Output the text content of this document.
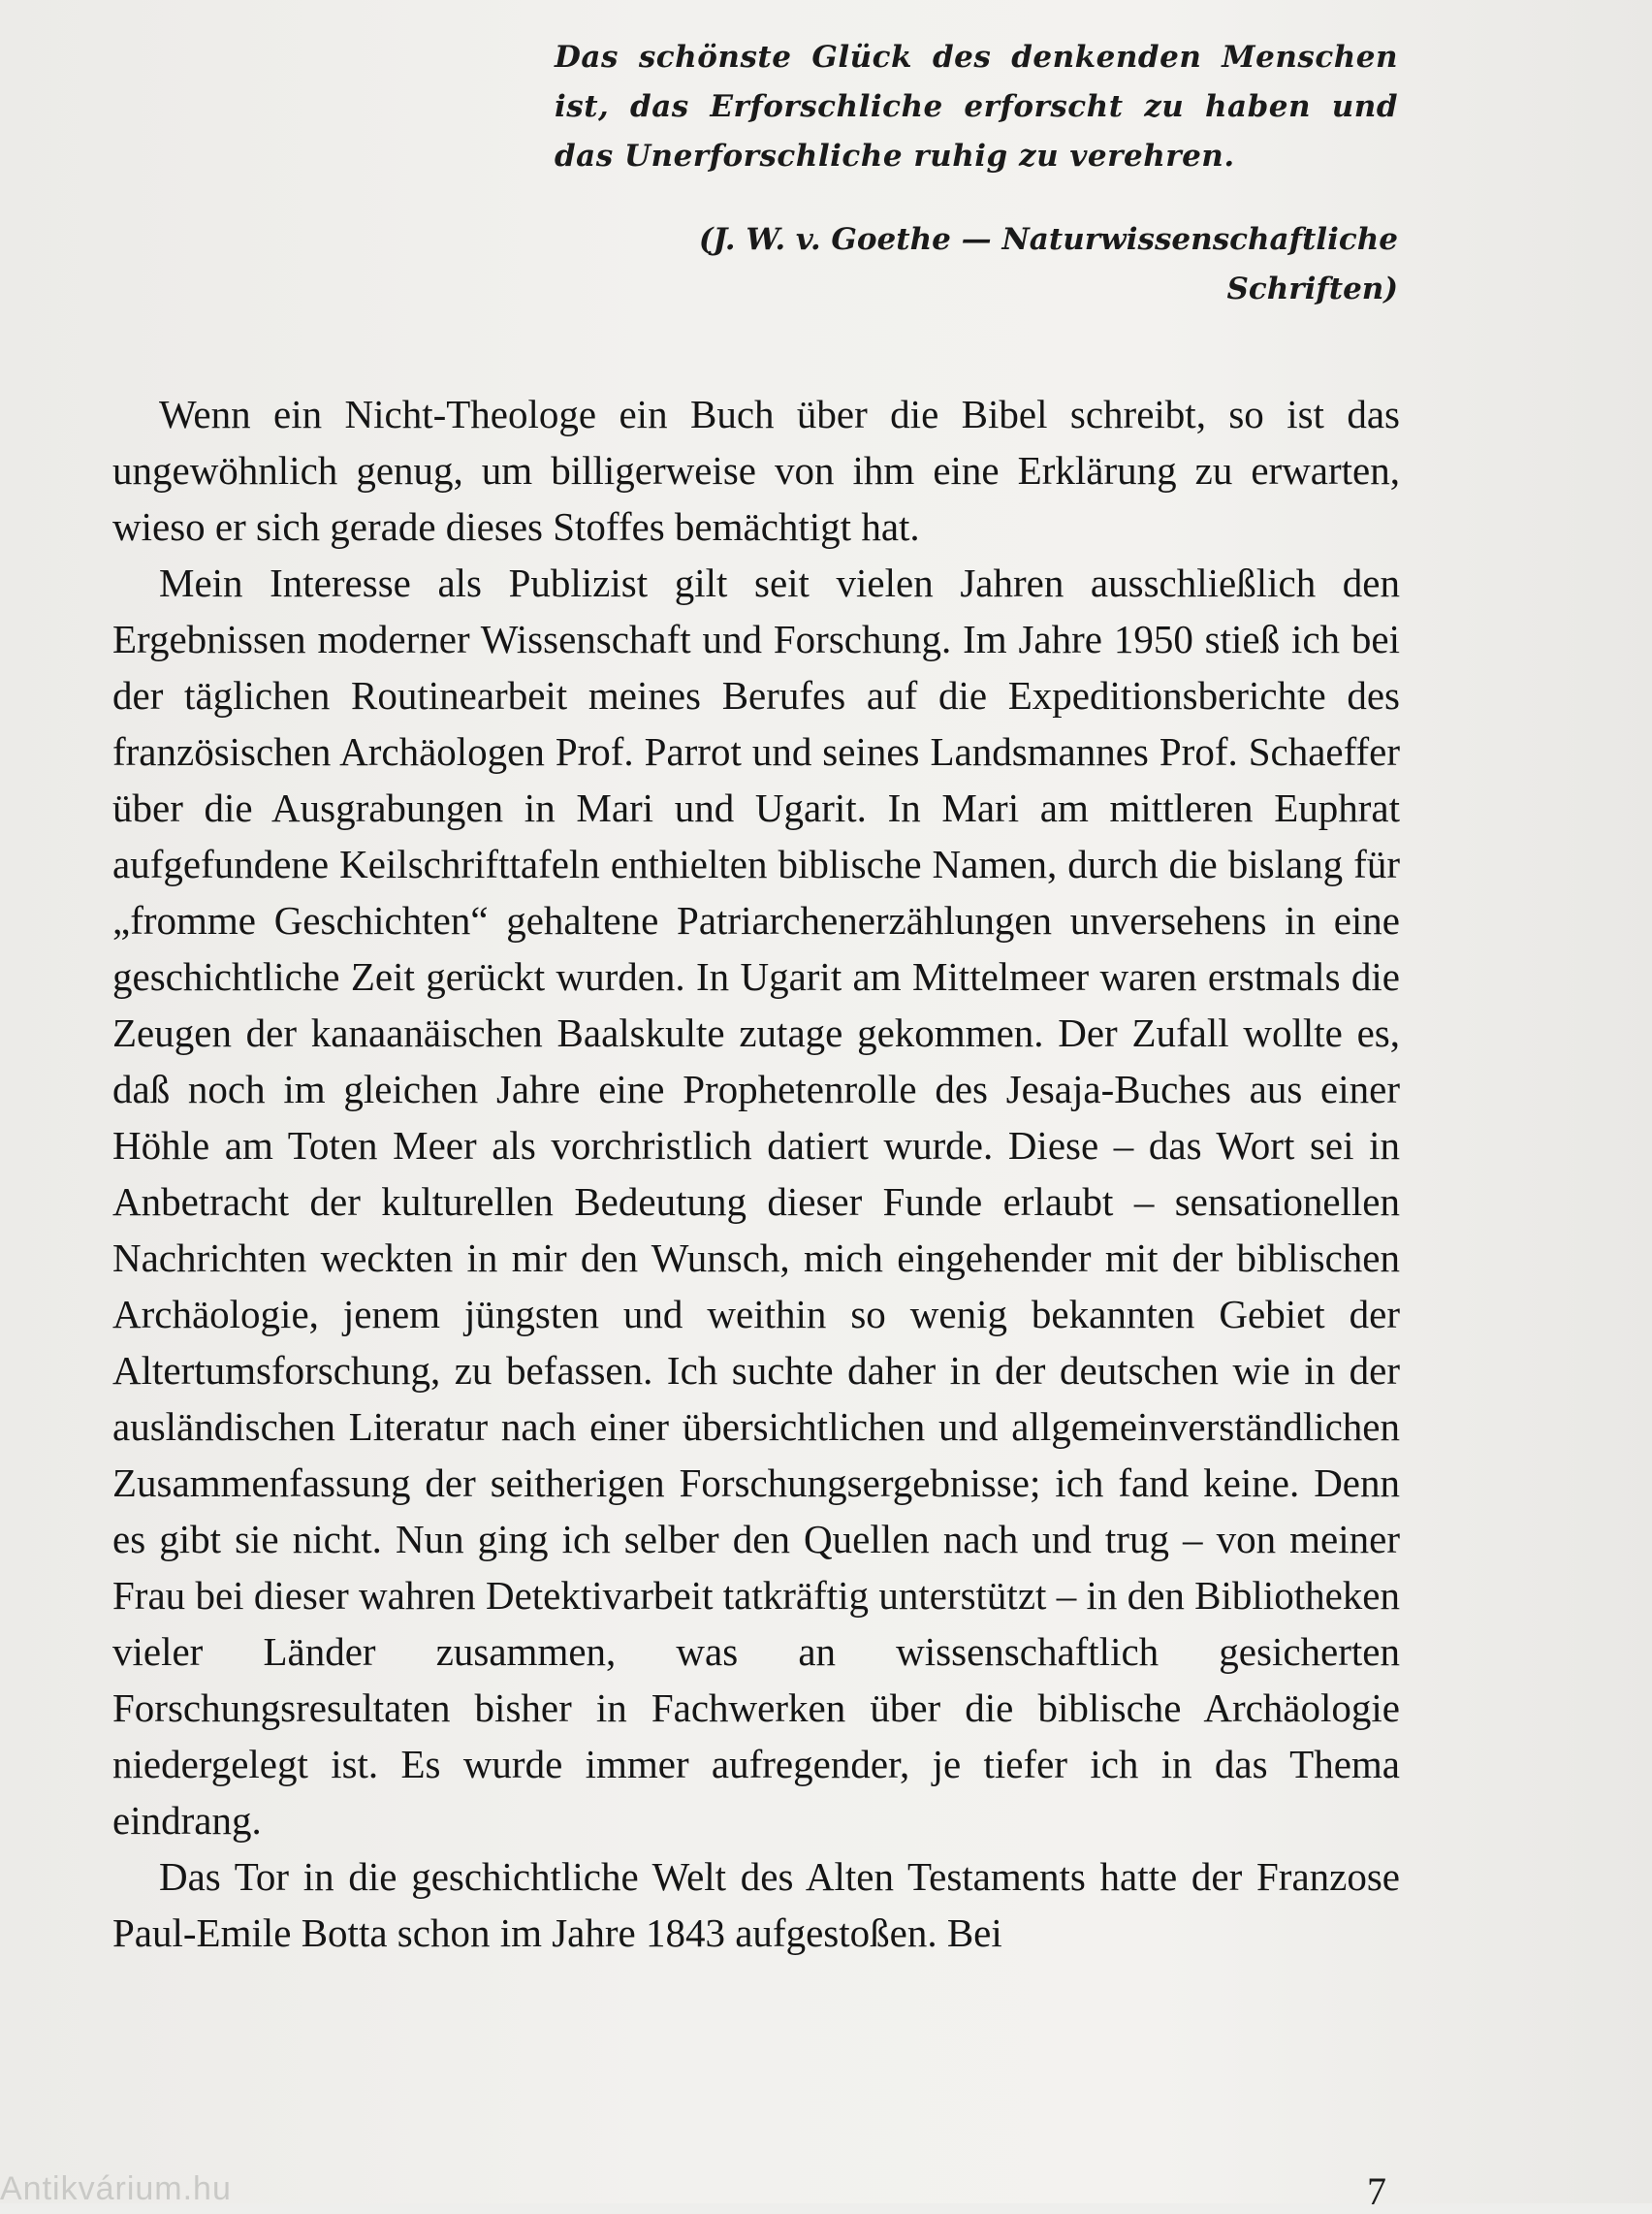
Das schönste Glück des denkenden Menschen ist, das Erforschliche erforscht zu haben und das Unerforschliche ruhig zu verehren.
(J. W. v. Goethe — Naturwissenschaftliche Schriften)

Wenn ein Nicht-Theologe ein Buch über die Bibel schreibt, so ist das ungewöhnlich genug, um billigerweise von ihm eine Erklärung zu erwarten, wieso er sich gerade dieses Stoffes bemächtigt hat.

Mein Interesse als Publizist gilt seit vielen Jahren ausschließlich den Ergebnissen moderner Wissenschaft und Forschung. Im Jahre 1950 stieß ich bei der täglichen Routinearbeit meines Berufes auf die Expeditionsberichte des französischen Archäologen Prof. Parrot und seines Landsmannes Prof. Schaeffer über die Ausgrabungen in Mari und Ugarit. In Mari am mittleren Euphrat aufgefundene Keilschrifttafeln enthielten biblische Namen, durch die bislang für „fromme Geschichten“ gehaltene Patriarchenerzählungen unversehens in eine geschichtliche Zeit gerückt wurden. In Ugarit am Mittelmeer waren erstmals die Zeugen der kanaanäischen Baalskulte zutage gekommen. Der Zufall wollte es, daß noch im gleichen Jahre eine Prophetenrolle des Jesaja-Buches aus einer Höhle am Toten Meer als vorchristlich datiert wurde. Diese – das Wort sei in Anbetracht der kulturellen Bedeutung dieser Funde erlaubt – sensationellen Nachrichten weckten in mir den Wunsch, mich eingehender mit der biblischen Archäologie, jenem jüngsten und weithin so wenig bekannten Gebiet der Altertumsforschung, zu befassen. Ich suchte daher in der deutschen wie in der ausländischen Literatur nach einer übersichtlichen und allgemeinverständlichen Zusammenfassung der seitherigen Forschungsergebnisse; ich fand keine. Denn es gibt sie nicht. Nun ging ich selber den Quellen nach und trug – von meiner Frau bei dieser wahren Detektivarbeit tatkräftig unterstützt – in den Bibliotheken vieler Länder zusammen, was an wissenschaftlich gesicherten Forschungsresultaten bisher in Fachwerken über die biblische Archäologie niedergelegt ist. Es wurde immer aufregender, je tiefer ich in das Thema eindrang.

Das Tor in die geschichtliche Welt des Alten Testaments hatte der Franzose Paul-Emile Botta schon im Jahre 1843 aufgestoßen. Bei

Antikvárium.hu	7
